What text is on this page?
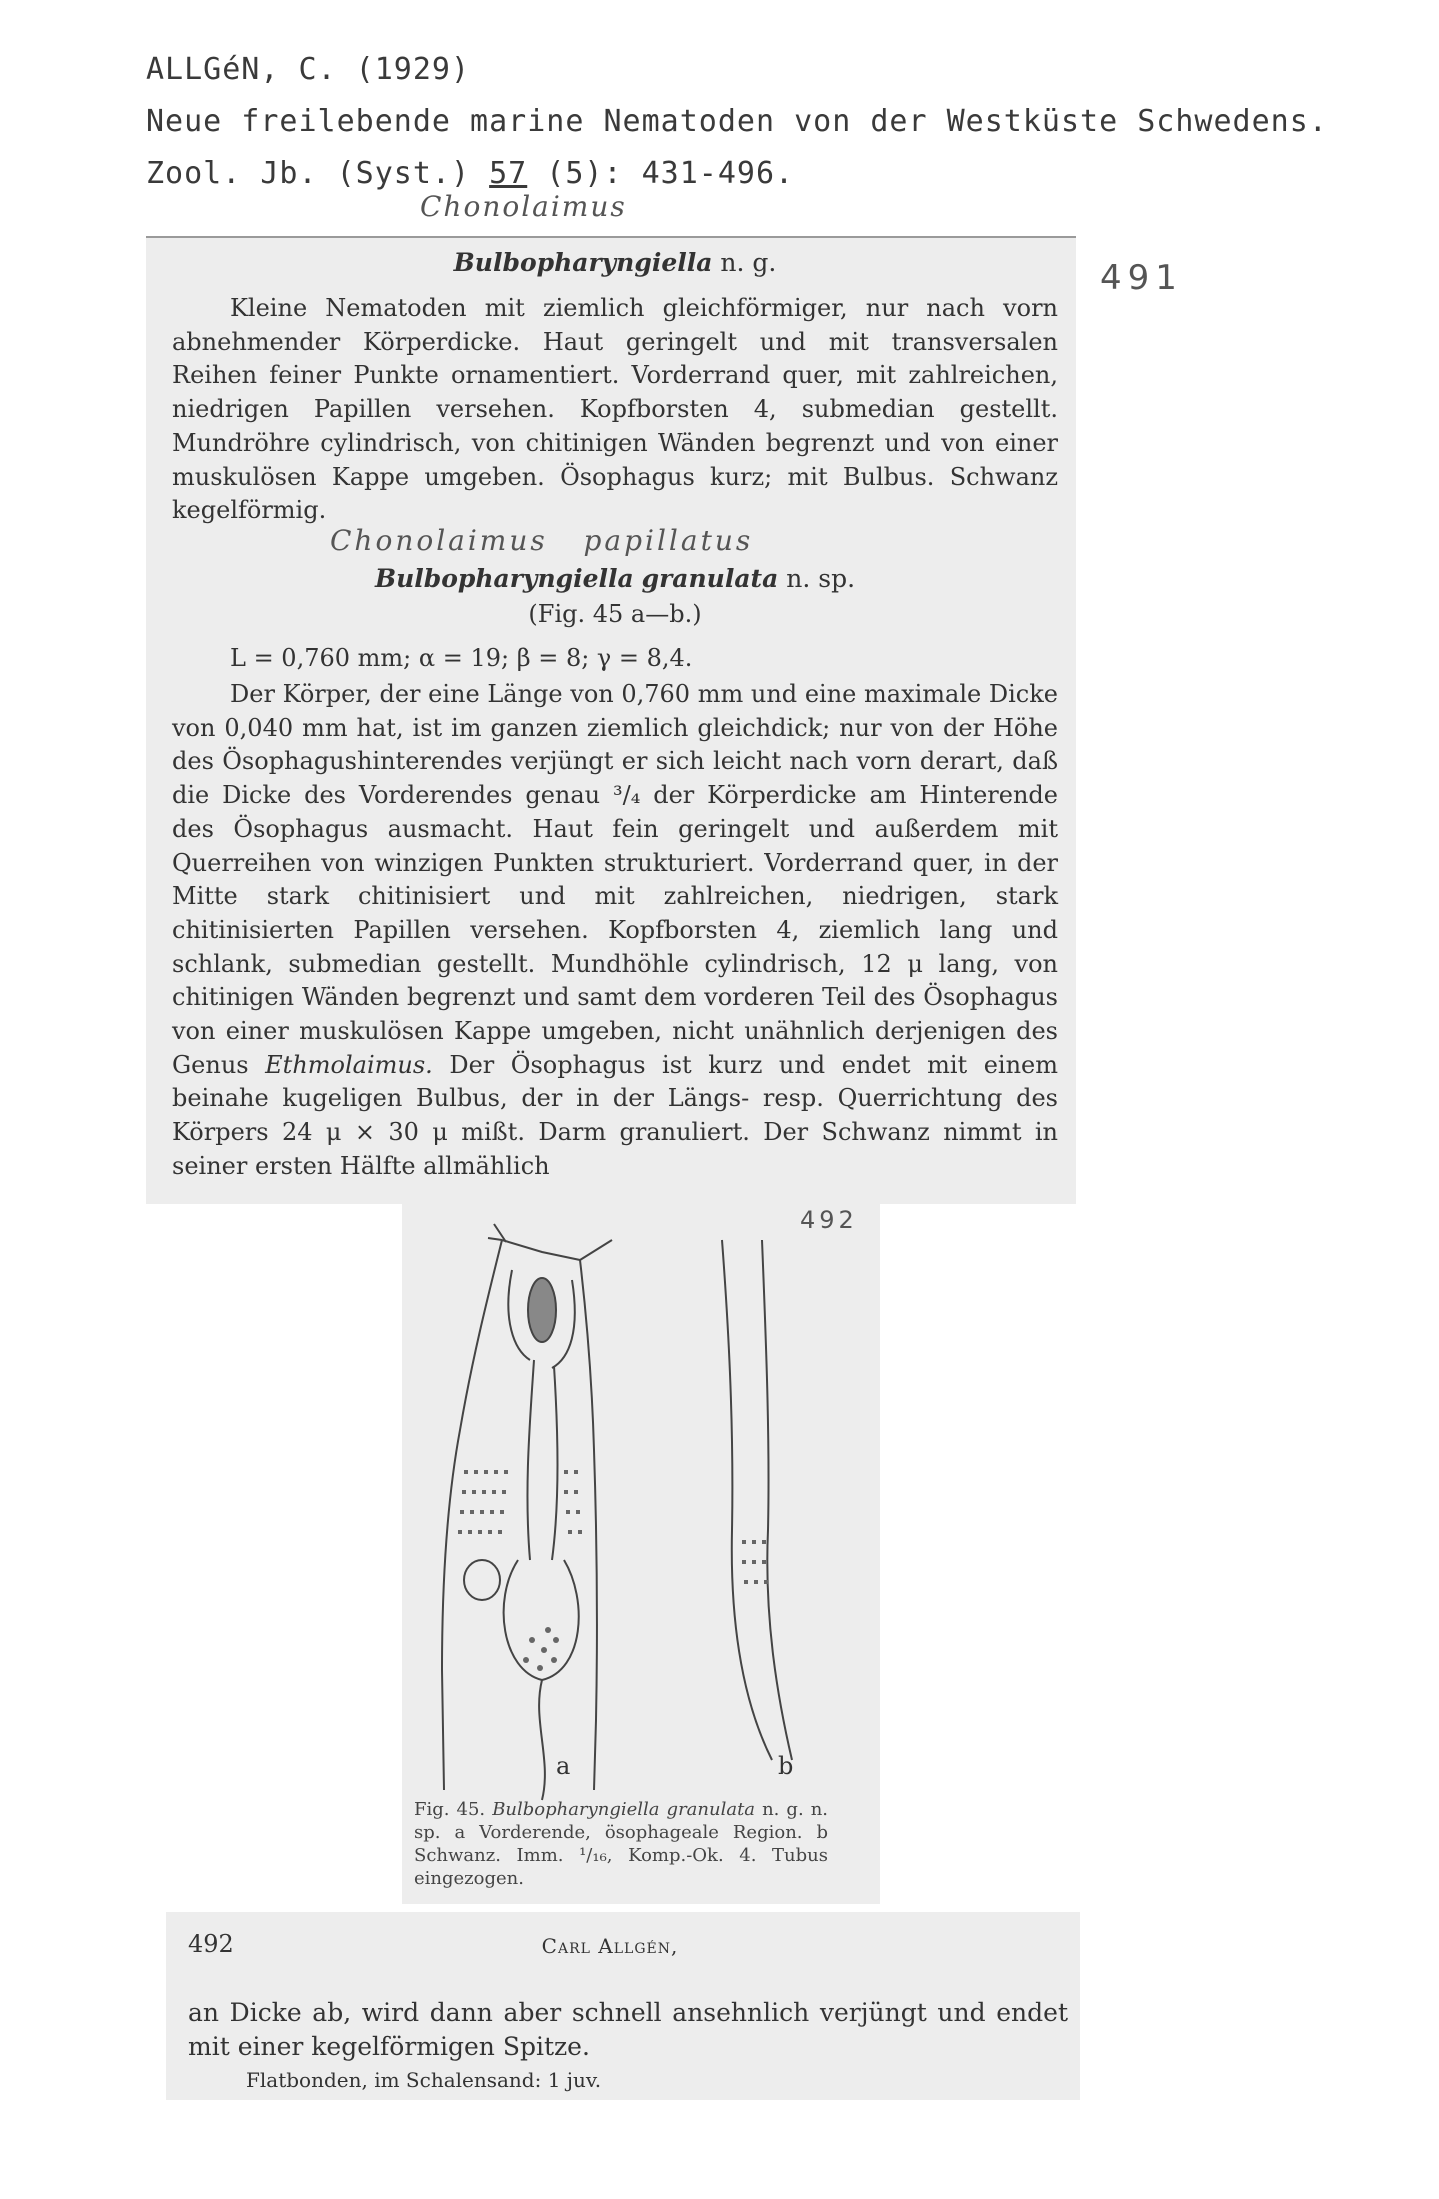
ALLGéN, C. (1929)
Neue freilebende marine Nematoden von der Westküste Schwedens.
Zool. Jb. (Syst.) 57 (5): 431-496.
Chonolaimus
491
Bulbopharyngiella n. g.

Kleine Nematoden mit ziemlich gleichförmiger, nur nach vorn abnehmender Körperdicke. Haut geringelt und mit transversalen Reihen feiner Punkte ornamentiert. Vorderrand quer, mit zahlreichen, niedrigen Papillen versehen. Kopfborsten 4, submedian gestellt. Mundröhre cylindrisch, von chitinigen Wänden begrenzt und von einer muskulösen Kappe umgeben. Ösophagus kurz; mit Bulbus. Schwanz kegelförmig.

Chonolaimus   papillatus
Bulbopharyngiella granulata n. sp.
(Fig. 45 a—b.)
L = 0,760 mm; α = 19; β = 8; γ = 8,4.

Der Körper, der eine Länge von 0,760 mm und eine maximale Dicke von 0,040 mm hat, ist im ganzen ziemlich gleichdick; nur von der Höhe des Ösophagushinterendes verjüngt er sich leicht nach vorn derart, daß die Dicke des Vorderendes genau ³/₄ der Körperdicke am Hinterende des Ösophagus ausmacht. Haut fein geringelt und außerdem mit Querreihen von winzigen Punkten strukturiert. Vorderrand quer, in der Mitte stark chitinisiert und mit zahlreichen, niedrigen, stark chitinisierten Papillen versehen. Kopfborsten 4, ziemlich lang und schlank, submedian gestellt. Mundhöhle cylindrisch, 12 μ lang, von chitinigen Wänden begrenzt und samt dem vorderen Teil des Ösophagus von einer muskulösen Kappe umgeben, nicht unähnlich derjenigen des Genus Ethmolaimus. Der Ösophagus ist kurz und endet mit einem beinahe kugeligen Bulbus, der in der Längs- resp. Querrichtung des Körpers 24 μ × 30 μ mißt. Darm granuliert. Der Schwanz nimmt in seiner ersten Hälfte allmählich

492
a	b
Fig. 45. Bulbopharyngiella granulata n. g. n. sp. a Vorderende, ösophageale Region. b Schwanz. Imm. ¹/₁₆, Komp.-Ok. 4. Tubus eingezogen.
492	Carl Allgén,

an Dicke ab, wird dann aber schnell ansehnlich verjüngt und endet mit einer kegelförmigen Spitze.

Flatbonden, im Schalensand: 1 juv.
